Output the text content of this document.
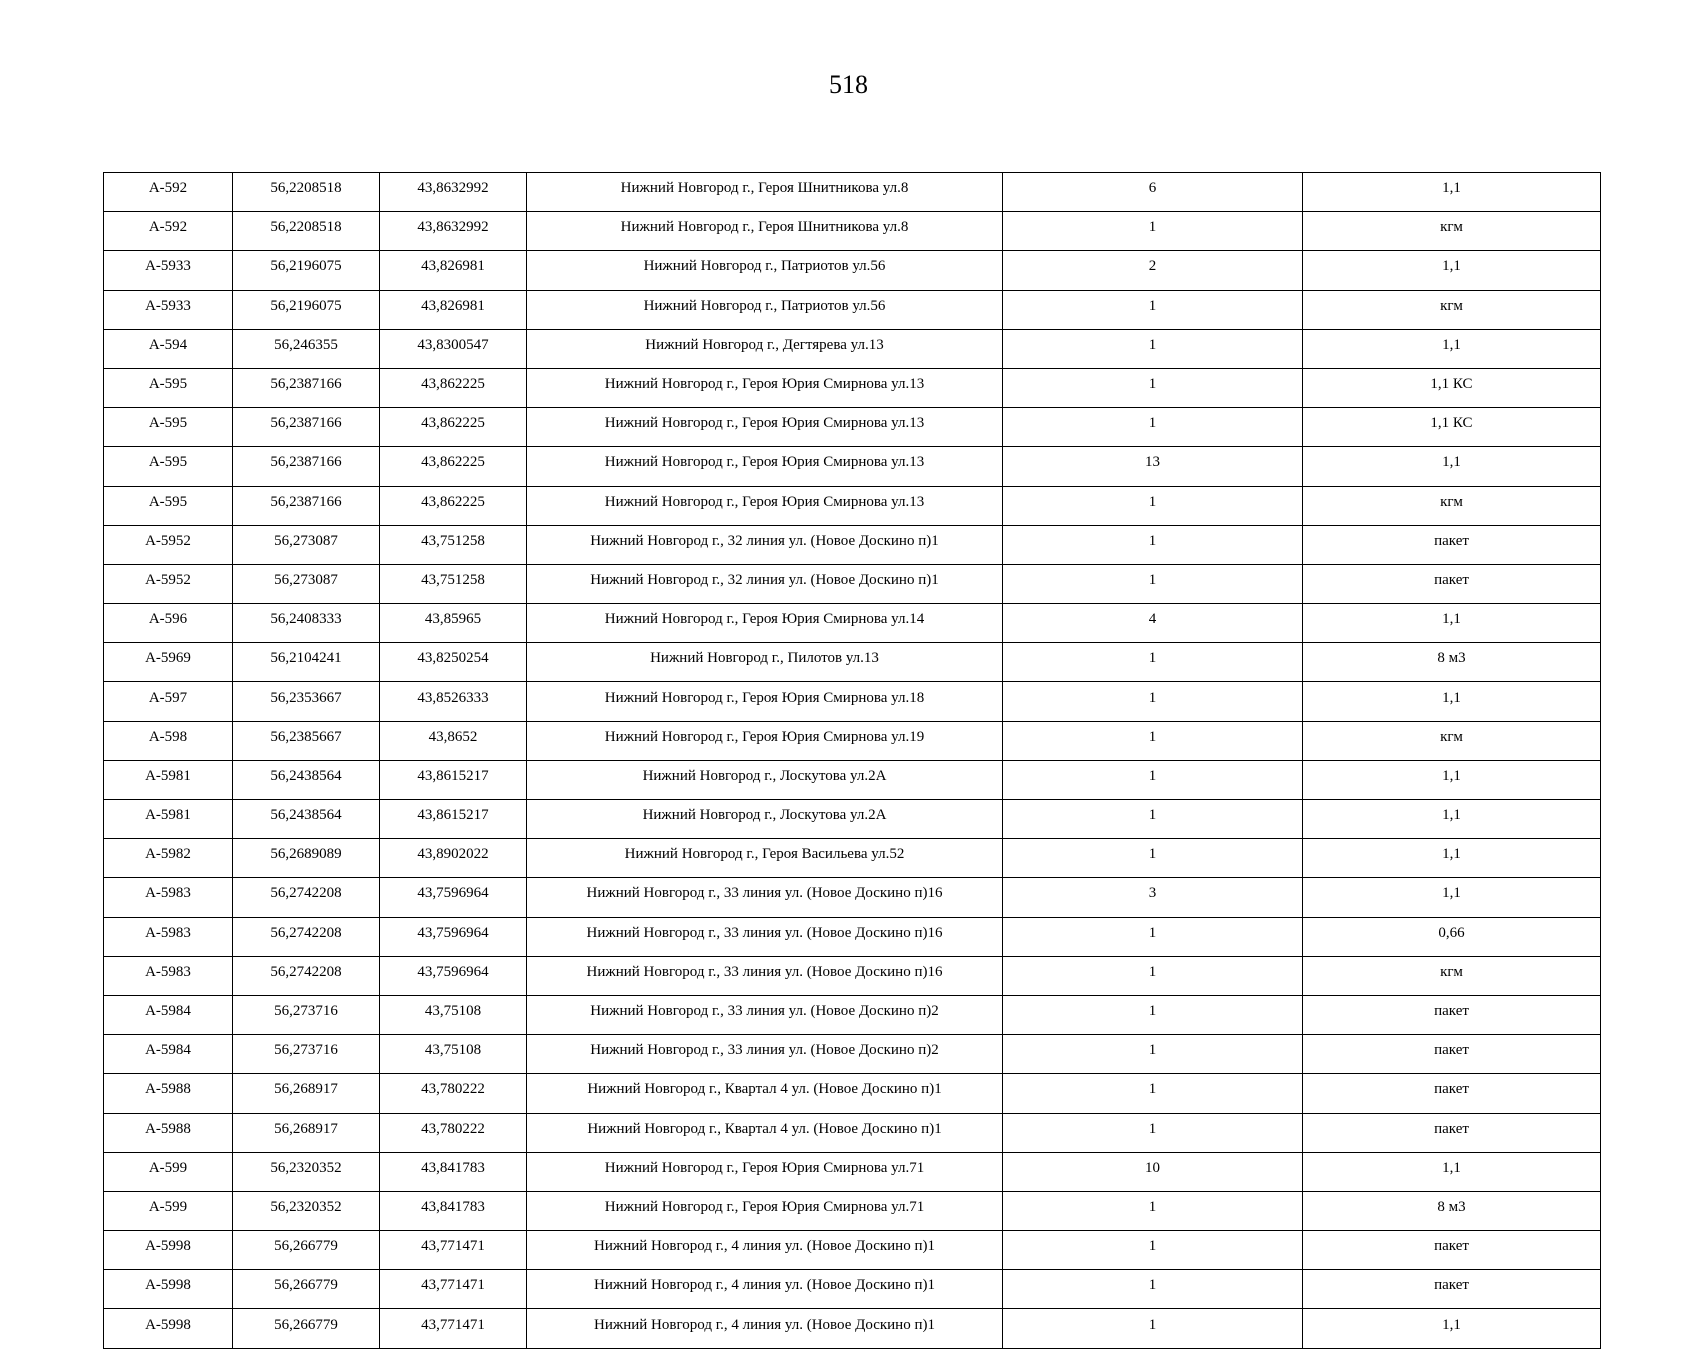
518
А-592	56,2208518	43,8632992	Нижний Новгород г., Героя Шнитникова ул.8	6	1,1
А-592	56,2208518	43,8632992	Нижний Новгород г., Героя Шнитникова ул.8	1	кгм
А-5933	56,2196075	43,826981	Нижний Новгород г., Патриотов ул.56	2	1,1
А-5933	56,2196075	43,826981	Нижний Новгород г., Патриотов ул.56	1	кгм
А-594	56,246355	43,8300547	Нижний Новгород г., Дегтярева ул.13	1	1,1
А-595	56,2387166	43,862225	Нижний Новгород г., Героя Юрия Смирнова ул.13	1	1,1 КС
А-595	56,2387166	43,862225	Нижний Новгород г., Героя Юрия Смирнова ул.13	1	1,1 КС
А-595	56,2387166	43,862225	Нижний Новгород г., Героя Юрия Смирнова ул.13	13	1,1
А-595	56,2387166	43,862225	Нижний Новгород г., Героя Юрия Смирнова ул.13	1	кгм
А-5952	56,273087	43,751258	Нижний Новгород г., 32 линия ул. (Новое Доскино п)1	1	пакет
А-5952	56,273087	43,751258	Нижний Новгород г., 32 линия ул. (Новое Доскино п)1	1	пакет
А-596	56,2408333	43,85965	Нижний Новгород г., Героя Юрия Смирнова ул.14	4	1,1
А-5969	56,2104241	43,8250254	Нижний Новгород г., Пилотов ул.13	1	8 м3
А-597	56,2353667	43,8526333	Нижний Новгород г., Героя Юрия Смирнова ул.18	1	1,1
А-598	56,2385667	43,8652	Нижний Новгород г., Героя Юрия Смирнова ул.19	1	кгм
А-5981	56,2438564	43,8615217	Нижний Новгород г., Лоскутова ул.2А	1	1,1
А-5981	56,2438564	43,8615217	Нижний Новгород г., Лоскутова ул.2А	1	1,1
А-5982	56,2689089	43,8902022	Нижний Новгород г., Героя Васильева ул.52	1	1,1
А-5983	56,2742208	43,7596964	Нижний Новгород г., 33 линия ул. (Новое Доскино п)16	3	1,1
А-5983	56,2742208	43,7596964	Нижний Новгород г., 33 линия ул. (Новое Доскино п)16	1	0,66
А-5983	56,2742208	43,7596964	Нижний Новгород г., 33 линия ул. (Новое Доскино п)16	1	кгм
А-5984	56,273716	43,75108	Нижний Новгород г., 33 линия ул. (Новое Доскино п)2	1	пакет
А-5984	56,273716	43,75108	Нижний Новгород г., 33 линия ул. (Новое Доскино п)2	1	пакет
А-5988	56,268917	43,780222	Нижний Новгород г., Квартал 4 ул. (Новое Доскино п)1	1	пакет
А-5988	56,268917	43,780222	Нижний Новгород г., Квартал 4 ул. (Новое Доскино п)1	1	пакет
А-599	56,2320352	43,841783	Нижний Новгород г., Героя Юрия Смирнова ул.71	10	1,1
А-599	56,2320352	43,841783	Нижний Новгород г., Героя Юрия Смирнова ул.71	1	8 м3
А-5998	56,266779	43,771471	Нижний Новгород г., 4 линия ул. (Новое Доскино п)1	1	пакет
А-5998	56,266779	43,771471	Нижний Новгород г., 4 линия ул. (Новое Доскино п)1	1	пакет
А-5998	56,266779	43,771471	Нижний Новгород г., 4 линия ул. (Новое Доскино п)1	1	1,1
